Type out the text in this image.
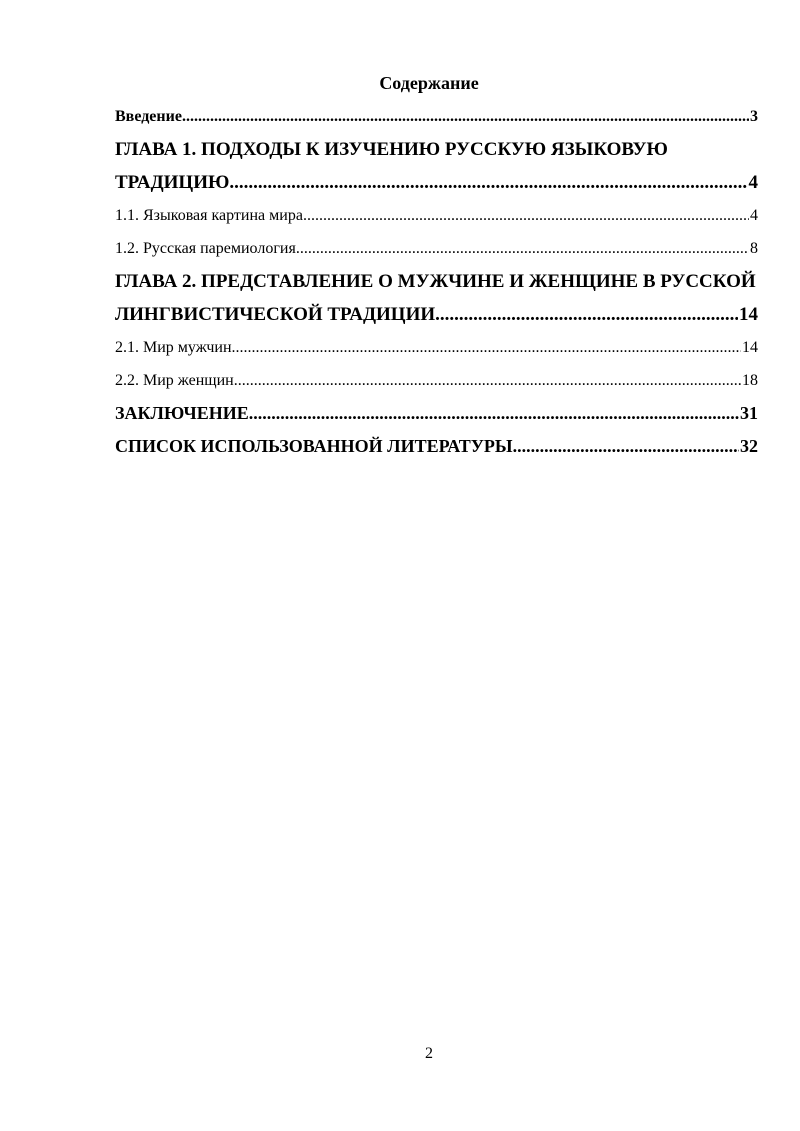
Содержание
Введение .....	3
ГЛАВА 1. ПОДХОДЫ К ИЗУЧЕНИЮ РУССКУЮ ЯЗЫКОВУЮ
ТРАДИЦИЮ .....	4
1.1. Языковая картина мира .....	4
1.2. Русская паремиология .....	8
ГЛАВА 2. ПРЕДСТАВЛЕНИЕ О МУЖЧИНЕ И ЖЕНЩИНЕ В РУССКОЙ
ЛИНГВИСТИЧЕСКОЙ ТРАДИЦИИ .....	14
2.1. Мир мужчин .....	14
2.2. Мир женщин .....	18
ЗАКЛЮЧЕНИЕ .....	31
СПИСОК ИСПОЛЬЗОВАННОЙ ЛИТЕРАТУРЫ .....	32
2
